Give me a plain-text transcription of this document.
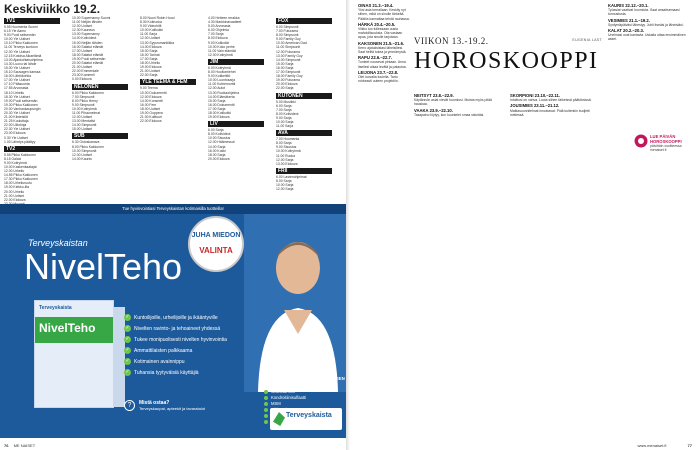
Keskiviikko 19.2.
TV1
5.55 Huomenta Suomi
6.15 Yle Aamu
9.00 Puoli seitsemän
10.00 Yle Uutiset
10.10 Pikku Kakkonen
11.00 Terveys kuntoon
12.00 Yle Uutiset
12.15 Kotoisa Aikaelämä
13.00 Ajankohtaisohjelma
14.30 Luovu tai lähde
15.00 Yle Uutiset
15.10 Sauvagen kanssa
16.00 Lähtökohtia
17.00 Yle Uutiset
17.10 Pääsuunta
17.55 Arvonasia
18.10 Urheilu
18.30 Yle Uutiset
19.00 Puoli seitsemän
19.30 Pikku Kakkonen
20.00 Vanhankaupungin
20.30 Yle Uutiset
21.00 Kiinteistöt
21.25 Kuuluttaja
22.00 Ulkolinja
22.30 Yle Uutiset
23.00 Elokuva
0.30 Yle Uutiset
1.00 Lähetys päättyy
TV2
5.55 Pikku Kakkonen
8.15 Galaxi
9.00 Kotiryhmä
10.00 Kaskenkaatajat
12.00 Urheilu
14.55 Pikku Kakkonen
17.30 Pikku Kakkonen
18.00 Urheiluruutu
19.00 Kiekko-ilta
20.00 Urheilu
21.00 Uutiset
22.00 Elokuva
10.00 Supernanny Suomi
11.00 Neljän tähden
12.00 Uutiset
12.30 Kauneus
13.00 Supernanny
14.00 Kotivideot
15.00 Neljän tähden
16.00 Salatut elämät
17.00 Uutiset
18.00 Salatut elämät
19.00 Puoli seitsemän
20.00 Salatut elämät
21.00 Uutiset
22.00 Emmerdale
23.00 Kummeli
0.00 Elokuva
NELONEN
6.00 Pikku Kakkonen
7.00 Simpsonit
8.00 Pikku Henry
9.00 Simpsonit
10.00 Kotiryhmä
11.00 Pihaunelmat
12.00 Uutiset
13.00 Mentalist
14.00 Simpsonit
15.00 Uutiset
SUB
6.30 Ostoskanava
8.00 Pikku Kakkonen
10.00 Simpsonit
12.00 Uutiset
14.00 Kaunis
8.00 Nuori Robin Hood
8.30 Kotiruoka
9.00 Videohitit
10.00 Kotikokki
11.00 Sarja
12.00 Uutiset
13.00 Syysromantiikka
14.00 Elokuva
15.00 Sarja
16.00 Tarinat
17.00 Sarja
18.00 Urheilu
19.00 Elokuva
21.00 Uutiset
22.00 Sarja
YLE TEEMA & FEM
9.00 Teema
10.00 Dokumentti
12.00 Elokuva
14.00 Konsertti
16.00 Fem
18.00 Uutiset
19.00 Ooppera
21.00 Kulttuuri
22.00 Elokuva
4.00 Heiteen rerakka
4.30 Markkinavaatteet
5.00 Arvonasia
6.00 Ohjelmia
7.00 Sarja
8.00 Elokuva
9.00 Kotikokki
10.00 Koko perhe
11.00 Vain elämää
12.00 Kotiryhmä
JIM
6.00 Kotiryhmä
8.00 Huoltomiehet
9.00 Kotikeittiö
10.00 Luontosarja
11.00 Kotiremontti
12.00 Autot
13.00 Ruokaohjelma
14.00 Elämäkerta
15.00 Sarja
16.00 Dokumentti
17.00 Sarja
18.00 Kotikokki
19.00 Elokuva
LIV
6.00 Sarja
8.00 Kotivideot
10.00 Sisustus
12.00 Häämessut
14.00 Sarja
16.00 Kokki
18.00 Sarja
20.00 Elokuva
FOX
6.00 Simpsonit
7.00 Futurama
8.00 Simpsonit
9.00 Family Guy
10.00 American Dad
11.00 Simpsonit
12.00 Futurama
13.00 Family Guy
14.00 Simpsonit
15.00 Sarja
16.00 Sarja
17.00 Simpsonit
18.00 Family Guy
19.00 Futurama
20.00 Elokuva
22.00 Sarja
KUTONEN
5.00 Musiikki
6.00 Sarja
7.00 Sarja
8.00 Kotivideot
9.00 Sarja
10.00 Sarja
11.00 Sarja
AVA
7.00 Huomenta
8.00 Sarja
9.00 Sisustus
10.00 Kotiryhmä
11.00 Ruoka
12.00 Sarja
13.00 Elokuva
FRII
6.00 Lastenohjelmat
8.00 Sarja
10.00 Sarja
12.00 Sarja
76 ME NAISET
OINAS 21.3.–19.4.
Yksi asia kerrallaan. Keskity nyt siihen, mikä on sinulle tärkeää. Päätös kannattaa tehdä rauhassa.
HÄRKÄ 20.4.–20.5.
Viikko tuo tullessaan uusia mahdollisuuksia. Ota vastaan apua, jota sinulle tarjotaan.
KAKSONEN 21.5.–21.6.
Kerro ajatuksistasi läheisillesi. Saat heiltä tukea ja ymmärrystä.
RAPU 22.6.–22.7.
Tunteet nousevat pintaan. Anna itsellesi aikaa levätä ja palautua.
LEIJONA 23.7.–22.8.
Olet luovalla tuulella. Tartu rohkeasti uuteen projektiin.
NEITSYT 23.8.–22.9.
Käytännön asiat vievät huomiosi. Muista myös pitää hauskaa.
VAAKA 23.9.–22.10.
Tasapaino löytyy, kun kuuntelet omaa sisintäsi.
SKORPIONI 23.10.–22.11.
Intuitiosi on vahva. Luota siihen tärkeissä päätöksissä.
JOUSIMIES 23.11.–21.12.
Matkasuunnitelmat innostavat. Pidä kuitenkin budjetti mielessä.
KAURIS 22.12.–20.1.
Työasiat vaativat huomiota. Saat ansaitsemaasi tunnustusta.
VESIMIES 21.1.–19.2.
Syntymäpäiväsi lähestyy. Juhli itseäsi ja läheisiäsi.
KALAT 20.2.–20.3.
Unelmasi ovat kantavia. Uskalla ottaa ensimmäinen askel.
VIIKON 13.-19.2.	EUGENIA LAST
HOROSKOOPPI
LUE PÄIVÄN
HOROSKOOPPI
päivittäin osoitteessa menaiset.fi
www.menaiset.fi	77
Tue hyvinvointiasi Terveyskaistan kotimaisilla tuotteilla!
Terveyskaistan
NivelTeho
JUHA MIEDON
VALINTA
Terveyskaista
NivelTeho
✓ Kuntoilijoille, urheilijoille ja ikääntyville
✓ Nivelten ravinto- ja tehoaineet yhdessä
✓ Tukee monipuolisesti nivelten hyvinvointia
✓ Ammattilaisten palkkaama
✓ Kotimainen avainnippu
✓ Tuhansia tyytyväisiä käyttäjiä
?	Mistä ostaa?
Terveyskaupat, apteekit ja tavaratalot
NIVELTEHO ON KUUDEN AKTIIVIANEEN YHDISTELMÄ
Glukosamiini
Kondroitiinisulfaatti
MSM
Terveyskaista
